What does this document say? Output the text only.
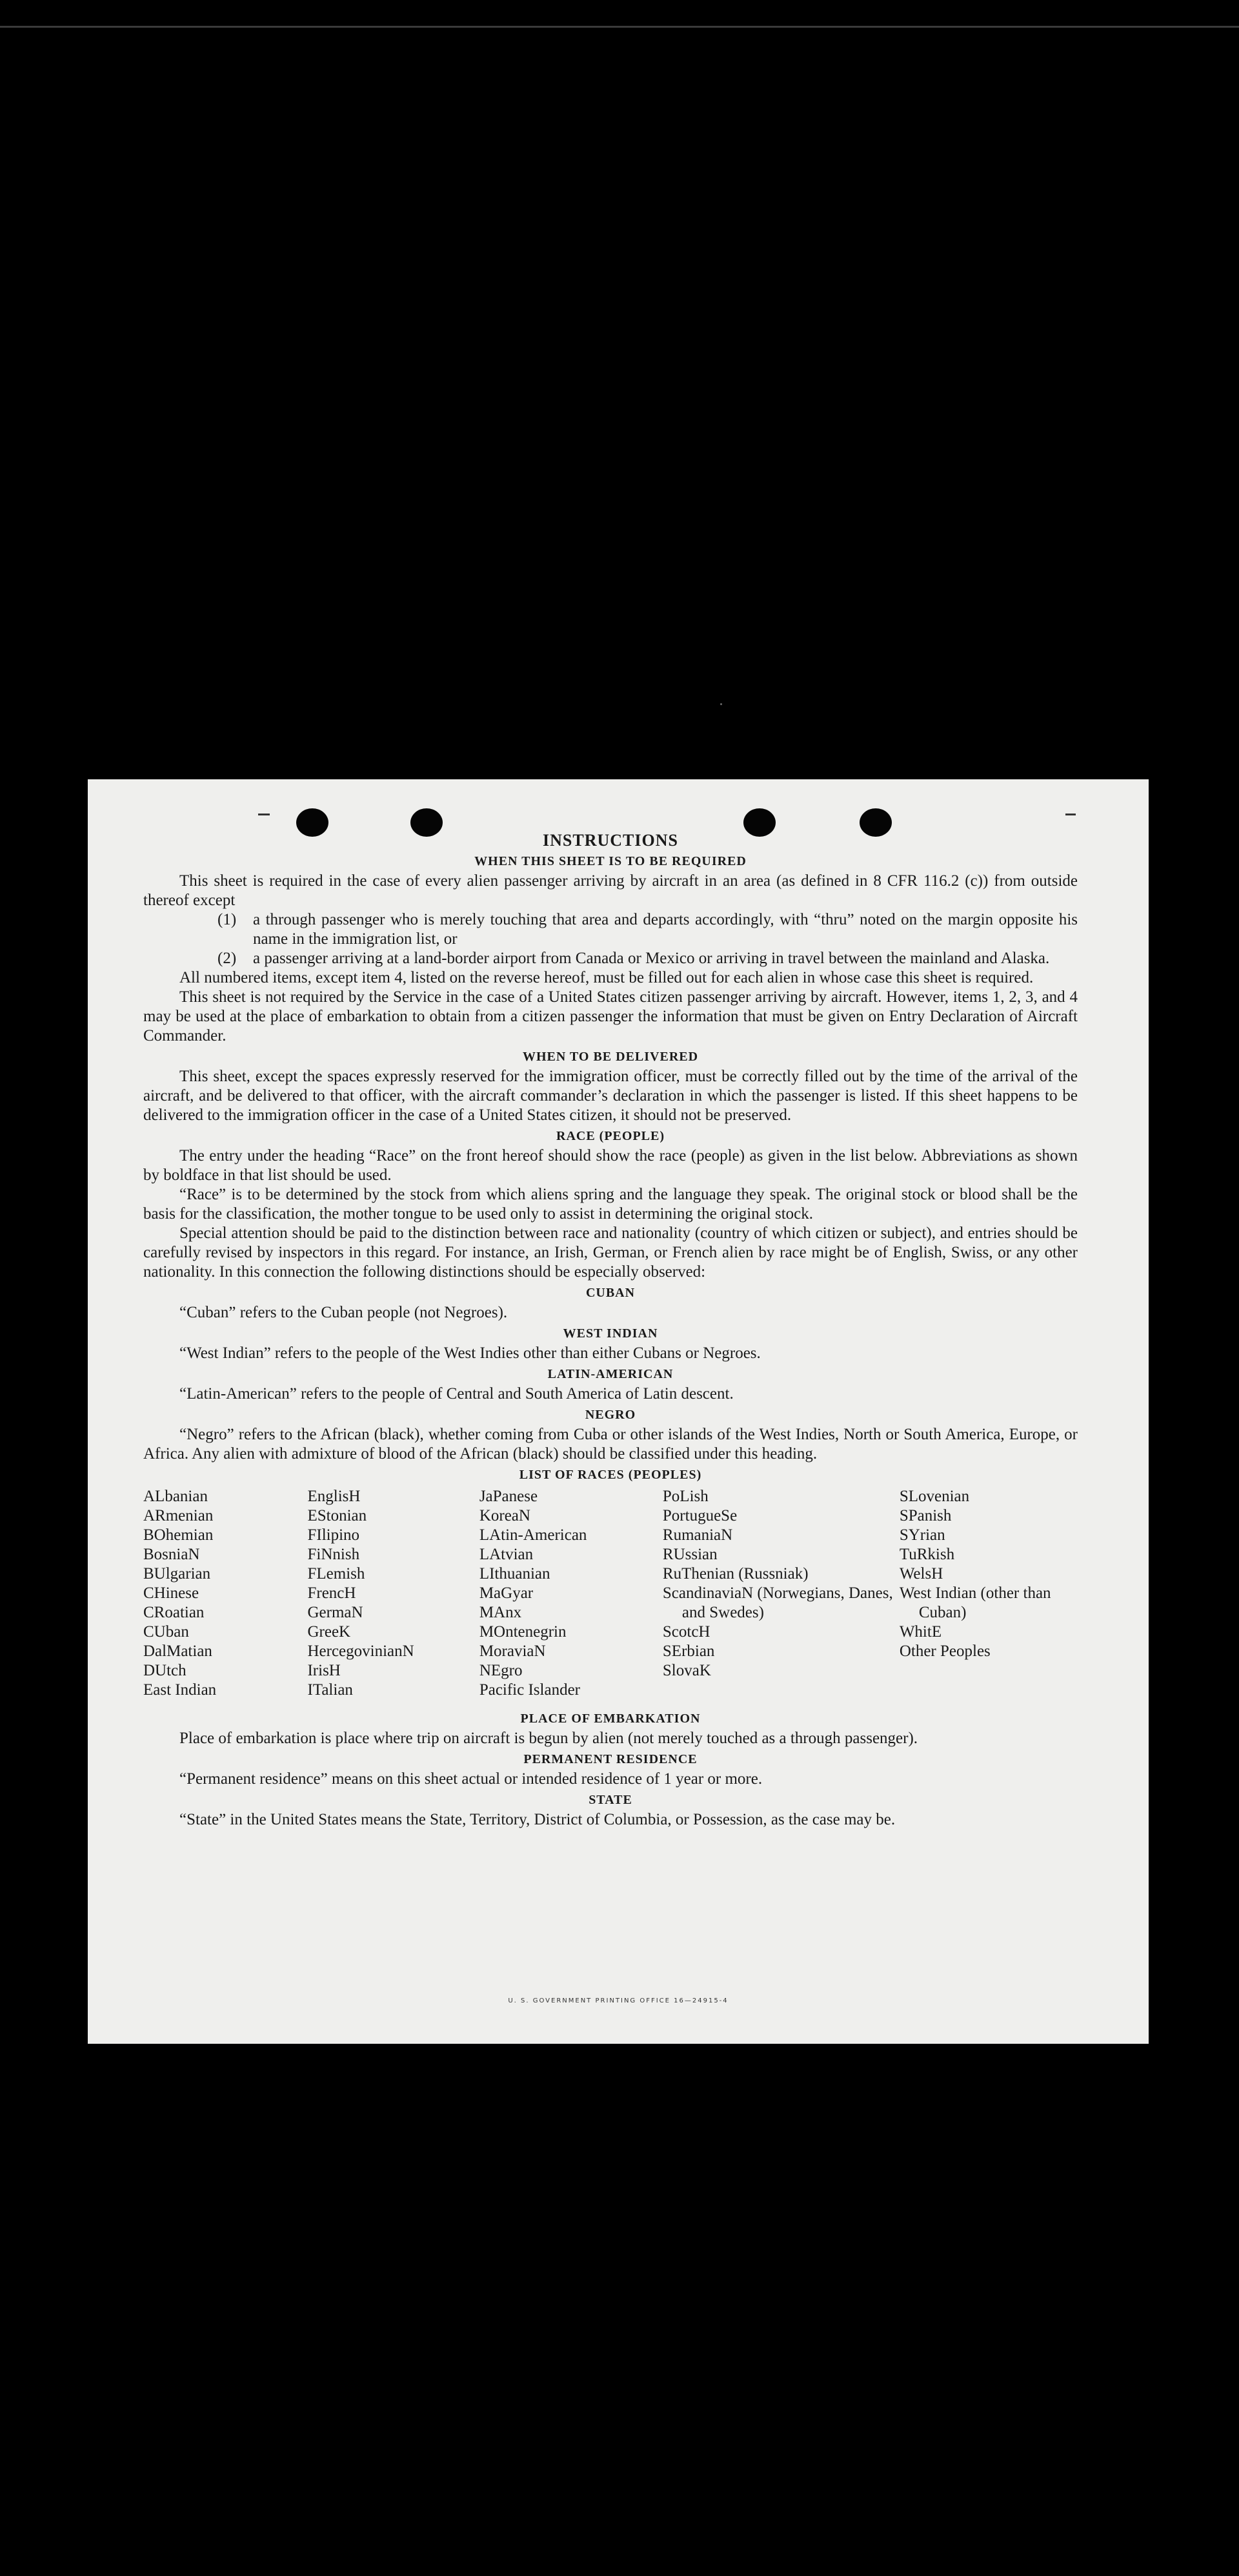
INSTRUCTIONS
WHEN THIS SHEET IS TO BE REQUIRED

This sheet is required in the case of every alien passenger arriving by aircraft in an area (as defined in 8 CFR 116.2 (c)) from outside thereof except

(1)	a through passenger who is merely touching that area and departs accordingly, with “thru” noted on the margin opposite his name in the immigration list, or
(2)	a passenger arriving at a land-border airport from Canada or Mexico or arriving in travel between the mainland and Alaska.

All numbered items, except item 4, listed on the reverse hereof, must be filled out for each alien in whose case this sheet is required.

This sheet is not required by the Service in the case of a United States citizen passenger arriving by aircraft. However, items 1, 2, 3, and 4 may be used at the place of embarkation to obtain from a citizen passenger the information that must be given on Entry Declaration of Aircraft Commander.

WHEN TO BE DELIVERED

This sheet, except the spaces expressly reserved for the immigration officer, must be correctly filled out by the time of the arrival of the aircraft, and be delivered to that officer, with the aircraft commander’s declaration in which the passenger is listed. If this sheet happens to be delivered to the immigration officer in the case of a United States citizen, it should not be preserved.

RACE (PEOPLE)

The entry under the heading “Race” on the front hereof should show the race (people) as given in the list below. Abbreviations as shown by boldface in that list should be used.

“Race” is to be determined by the stock from which aliens spring and the language they speak. The original stock or blood shall be the basis for the classification, the mother tongue to be used only to assist in determining the original stock.

Special attention should be paid to the distinction between race and nationality (country of which citizen or subject), and entries should be carefully revised by inspectors in this regard. For instance, an Irish, German, or French alien by race might be of English, Swiss, or any other nationality. In this connection the following distinctions should be especially observed:

CUBAN

“Cuban” refers to the Cuban people (not Negroes).

WEST INDIAN

“West Indian” refers to the people of the West Indies other than either Cubans or Negroes.

LATIN-AMERICAN

“Latin-American” refers to the people of Central and South America of Latin descent.

NEGRO

“Negro” refers to the African (black), whether coming from Cuba or other islands of the West Indies, North or South America, Europe, or Africa. Any alien with admixture of blood of the African (black) should be classified under this heading.

LIST OF RACES (PEOPLES)
ALbanian
ARmenian
BOhemian
BosniaN
BUlgarian
CHinese
CRoatian
CUban
DalMatian
DUtch
East Indian
EnglisH
EStonian
FIlipino
FiNnish
FLemish
FrencH
GermaN
GreeK
HercegovinianN
IrisH
ITalian
JaPanese
KoreaN
LAtin-American
LAtvian
LIthuanian
MaGyar
MAnx
MOntenegrin
MoraviaN
NEgro
Pacific Islander
PoLish
PortugueSe
RumaniaN
RUssian
RuThenian (Russniak)
ScandinaviaN (Norwegians, Danes, and Swedes)
ScotcH
SErbian
SlovaK
SLovenian
SPanish
SYrian
TuRkish
WelsH
West Indian (other than Cuban)
WhitE
Other Peoples
PLACE OF EMBARKATION

Place of embarkation is place where trip on aircraft is begun by alien (not merely touched as a through passenger).

PERMANENT RESIDENCE

“Permanent residence” means on this sheet actual or intended residence of 1 year or more.

STATE

“State” in the United States means the State, Territory, District of Columbia, or Possession, as the case may be.

U. S. GOVERNMENT PRINTING OFFICE 16—24915-4
